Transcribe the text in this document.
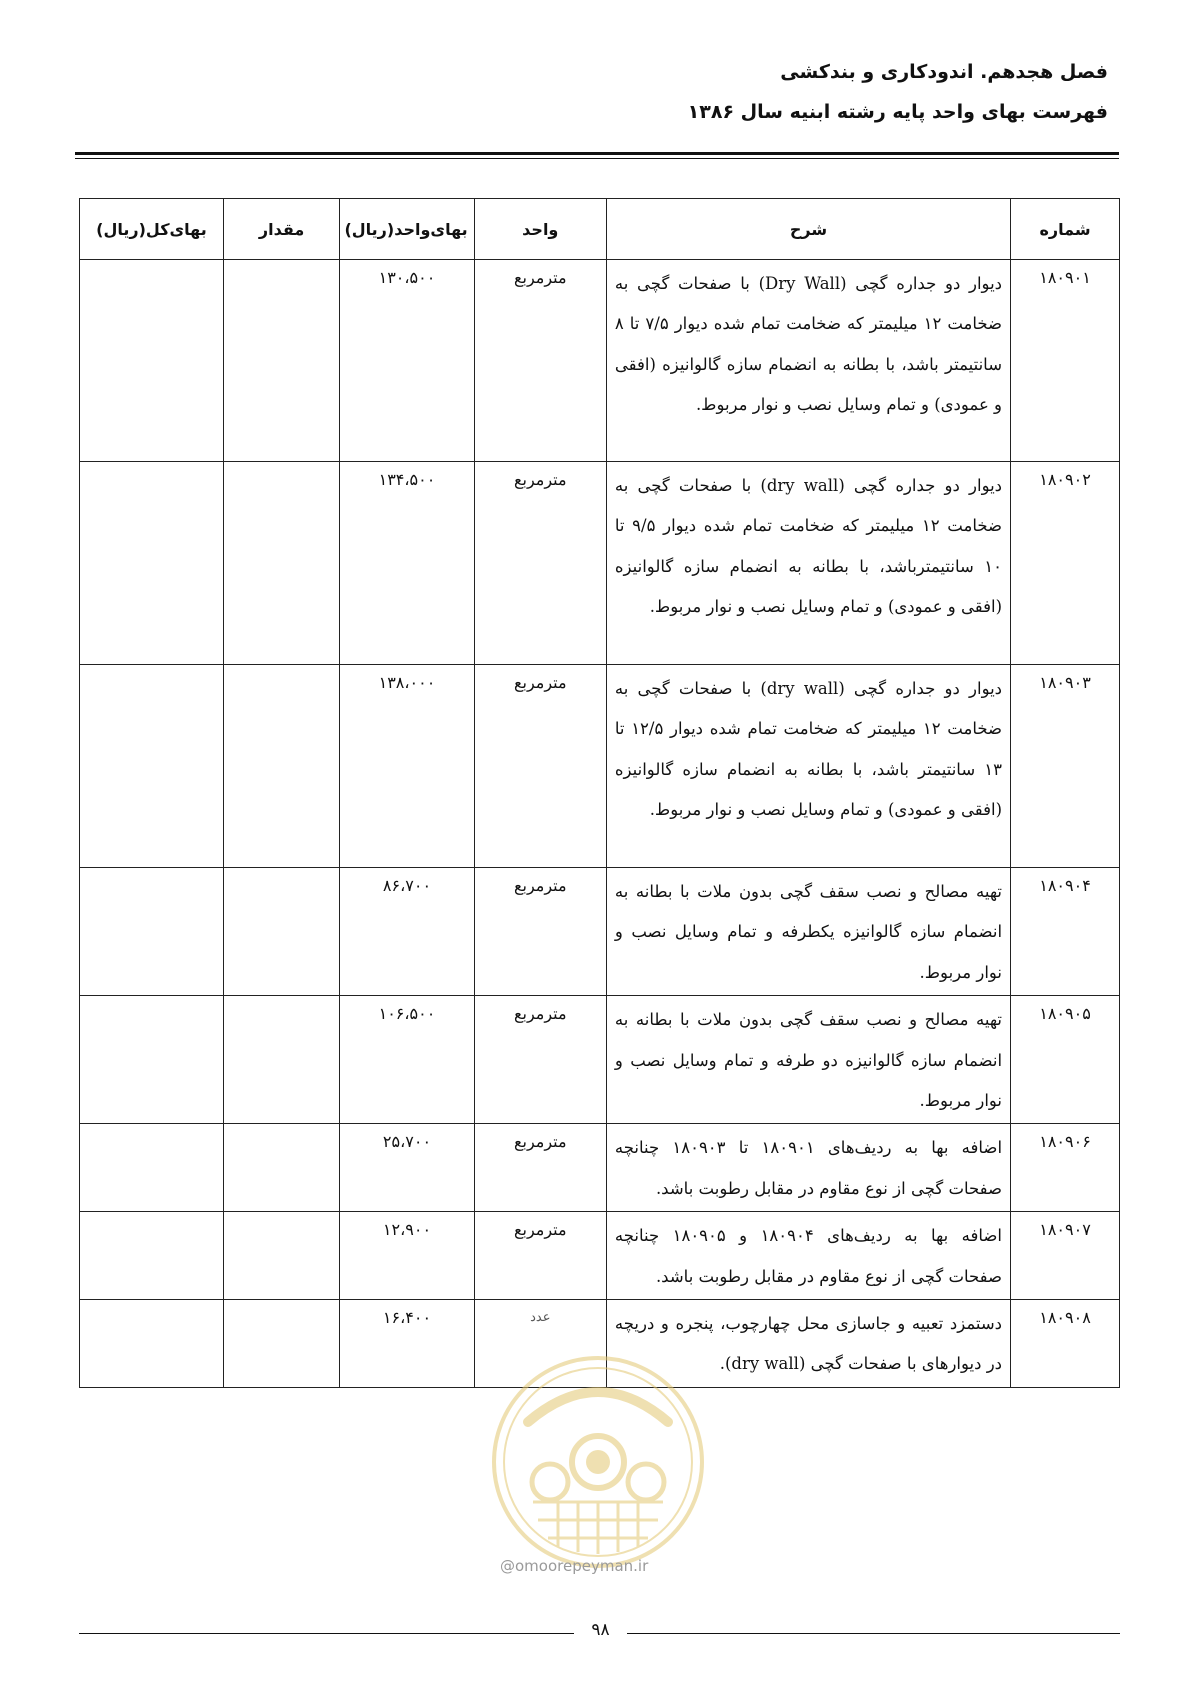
فصل هجدهم. اندودکاری و بندکشی
فهرست بهای واحد پایه رشته ابنیه سال ۱۳۸۶
شماره	شرح	واحد	بهای‌واحد(ریال)	مقدار	بهای‌کل(ریال)
۱۸۰۹۰۱	دیوار دو جداره گچی (Dry Wall) با صفحات گچی به ضخامت ۱۲ میلیمتر که ضخامت تمام شده دیوار ۷/۵ تا ۸ سانتیمتر باشد، با بطانه به انضمام سازه گالوانیزه (افقی و عمودی) و تمام وسایل نصب و نوار مربوط.	مترمربع	۱۳۰،۵۰۰		
۱۸۰۹۰۲	دیوار دو جداره گچی (dry wall) با صفحات گچی به ضخامت ۱۲ میلیمتر که ضخامت تمام شده دیوار ۹/۵ تا ۱۰ سانتیمترباشد، با بطانه به انضمام سازه گالوانیزه (افقی و عمودی) و تمام وسایل نصب و نوار مربوط.	مترمربع	۱۳۴،۵۰۰		
۱۸۰۹۰۳	دیوار دو جداره گچی (dry wall) با صفحات گچی به ضخامت ۱۲ میلیمتر که ضخامت تمام شده دیوار ۱۲/۵ تا ۱۳ سانتیمتر باشد، با بطانه به انضمام سازه گالوانیزه (افقی و عمودی) و تمام وسایل نصب و نوار مربوط.	مترمربع	۱۳۸،۰۰۰		
۱۸۰۹۰۴	تهیه مصالح و نصب سقف گچی بدون ملات با بطانه به انضمام سازه گالوانیزه یکطرفه و تمام وسایل نصب و نوار مربوط.	مترمربع	۸۶،۷۰۰		
۱۸۰۹۰۵	تهیه مصالح و نصب سقف گچی بدون ملات با بطانه به انضمام سازه گالوانیزه دو طرفه و تمام وسایل نصب و نوار مربوط.	مترمربع	۱۰۶،۵۰۰		
۱۸۰۹۰۶	اضافه بها به ردیف‌های ۱۸۰۹۰۱ تا ۱۸۰۹۰۳ چنانچه صفحات گچی از نوع مقاوم در مقابل رطوبت باشد.	مترمربع	۲۵،۷۰۰		
۱۸۰۹۰۷	اضافه بها به ردیف‌های ۱۸۰۹۰۴ و ۱۸۰۹۰۵ چنانچه صفحات گچی از نوع مقاوم در مقابل رطوبت باشد.	مترمربع	۱۲،۹۰۰		
۱۸۰۹۰۸	دستمزد تعبیه و جاسازی محل چهارچوب، پنجره و دریچه در دیوارهای با صفحات گچی (dry wall).	عدد	۱۶،۴۰۰		
@omoorepeyman.ir
۹۸
